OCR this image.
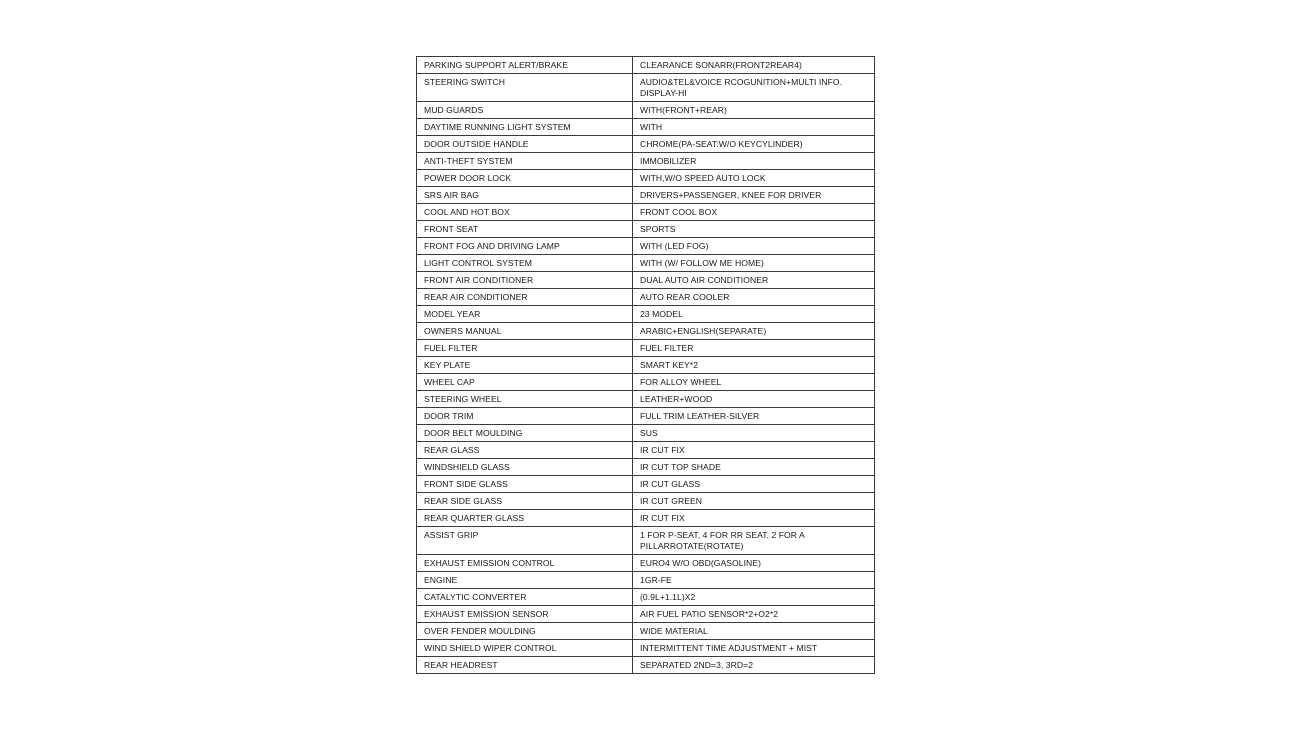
PARKING SUPPORT ALERT/BRAKE	CLEARANCE SONARR(FRONT2REAR4)
STEERING SWITCH	AUDIO&TEL&VOICE RCOGUNITION+MULTI INFO. DISPLAY-HI
MUD GUARDS	WITH(FRONT+REAR)
DAYTIME RUNNING LIGHT SYSTEM	WITH
DOOR OUTSIDE HANDLE	CHROME(PA-SEAT:W/O KEYCYLINDER)
ANTI-THEFT SYSTEM	IMMOBILIZER
POWER DOOR LOCK	WITH,W/O SPEED AUTO LOCK
SRS AIR BAG	DRIVERS+PASSENGER, KNEE FOR DRIVER
COOL AND HOT BOX	FRONT COOL BOX
FRONT SEAT	SPORTS
FRONT FOG AND DRIVING LAMP	WITH (LED FOG)
LIGHT CONTROL SYSTEM	WITH (W/ FOLLOW ME HOME)
FRONT AIR CONDITIONER	DUAL AUTO AIR CONDITIONER
REAR AIR CONDITIONER	AUTO REAR COOLER
MODEL YEAR	23 MODEL
OWNERS MANUAL	ARABIC+ENGLISH(SEPARATE)
FUEL FILTER	FUEL FILTER
KEY PLATE	SMART KEY*2
WHEEL CAP	FOR ALLOY WHEEL
STEERING WHEEL	LEATHER+WOOD
DOOR TRIM	FULL TRIM LEATHER-SILVER
DOOR BELT MOULDING	SUS
REAR GLASS	IR CUT FIX
WINDSHIELD GLASS	IR CUT TOP SHADE
FRONT SIDE GLASS	IR CUT GLASS
REAR SIDE GLASS	IR CUT GREEN
REAR QUARTER GLASS	IR CUT FIX
ASSIST GRIP	1 FOR P-SEAT, 4 FOR RR SEAT, 2 FOR A PILLARROTATE(ROTATE)
EXHAUST EMISSION CONTROL	EURO4 W/O OBD(GASOLINE)
ENGINE	1GR-FE
CATALYTIC CONVERTER	(0.9L+1.1L)X2
EXHAUST EMISSION SENSOR	AIR FUEL PATIO SENSOR*2+O2*2
OVER FENDER MOULDING	WIDE MATERIAL
WIND SHIELD WIPER CONTROL	INTERMITTENT TIME ADJUSTMENT + MIST
REAR HEADREST	SEPARATED 2ND=3, 3RD=2
